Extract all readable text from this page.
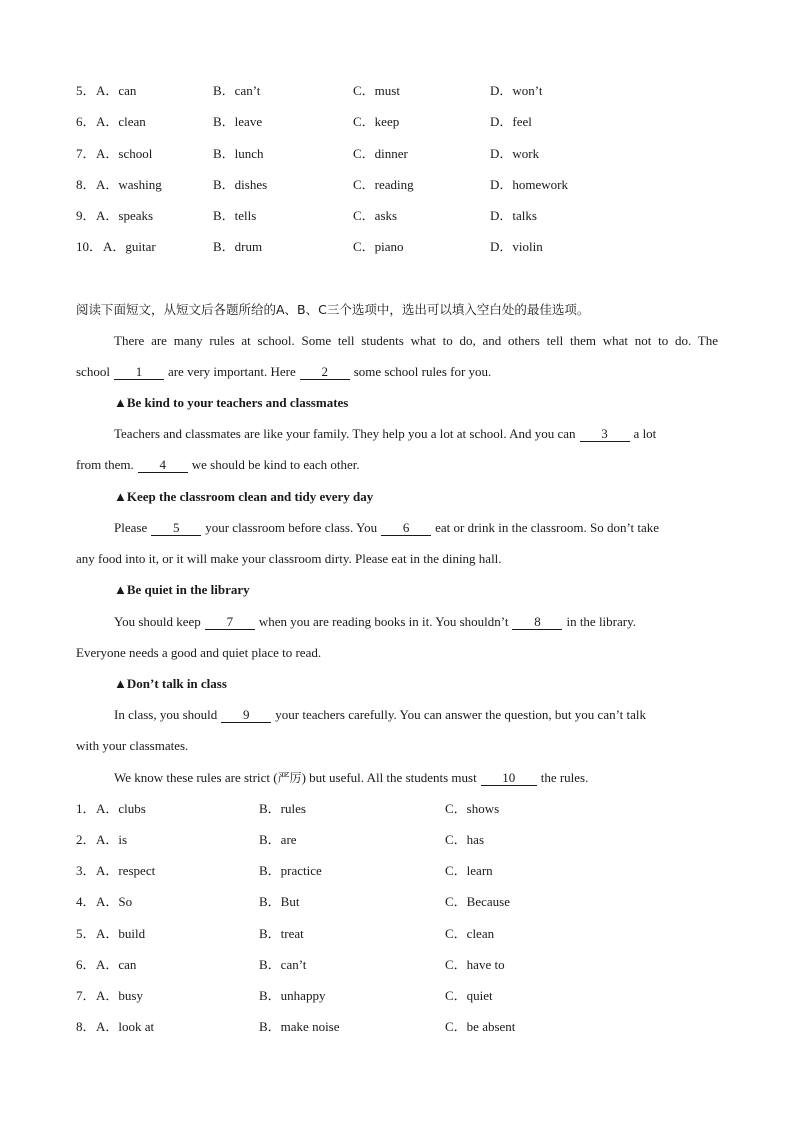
5． A．can	B．can’t	C．must	D．won’t
6． A．clean	B．leave	C．keep	D．feel
7． A．school	B．lunch	C．dinner	D．work
8． A．washing	B．dishes	C．reading	D．homework
9． A．speaks	B．tells	C．asks	D．talks
10． A．guitar	B．drum	C．piano	D．violin
阅读下面短文，从短文后各题所给的A、B、C三个选项中，选出可以填入空白处的最佳选项。
There are many rules at school. Some tell students what to do, and others tell them what not to do. The
school 1 are very important. Here 2 some school rules for you.
▲Be kind to your teachers and classmates
Teachers and classmates are like your family. They help you a lot at school. And you can 3 a lot
from them. 4 we should be kind to each other.
▲Keep the classroom clean and tidy every day
Please 5 your classroom before class. You 6 eat or drink in the classroom. So don’t take
any food into it, or it will make your classroom dirty. Please eat in the dining hall.
▲Be quiet in the library
You should keep 7 when you are reading books in it. You shouldn’t 8 in the library.
Everyone needs a good and quiet place to read.
▲Don’t talk in class
In class, you should 9 your teachers carefully. You can answer the question, but you can’t talk
with your classmates.
We know these rules are strict (严厉) but useful. All the students must 10 the rules.
1． A．clubs	B．rules	C．shows
2． A．is	B．are	C．has
3． A．respect	B．practice	C．learn
4． A．So	B．But	C．Because
5． A．build	B．treat	C．clean
6． A．can	B．can’t	C．have to
7． A．busy	B．unhappy	C．quiet
8． A．look at	B．make noise	C．be absent
